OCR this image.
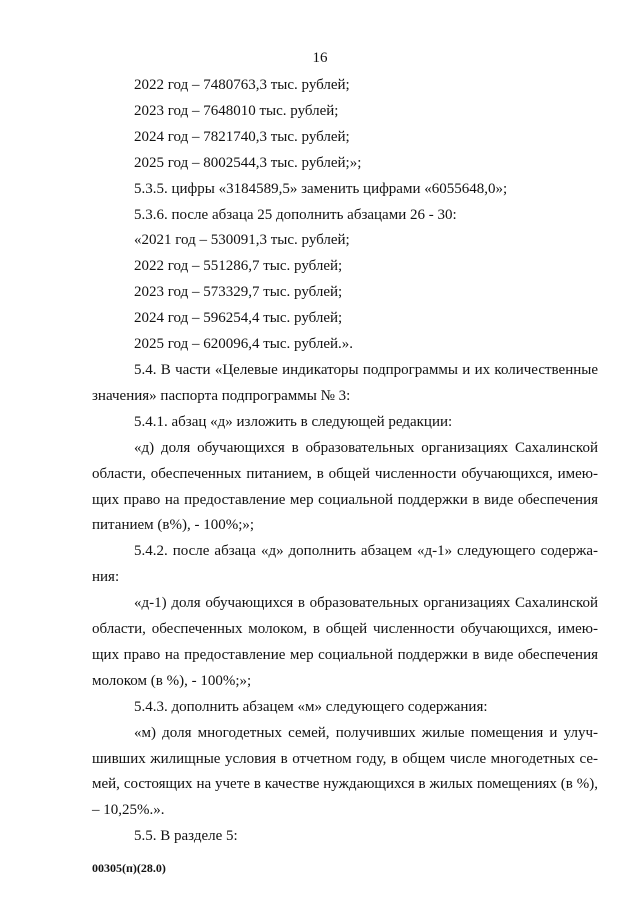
16
2022 год – 7480763,3 тыс. рублей;
2023 год – 7648010 тыс. рублей;
2024 год – 7821740,3 тыс. рублей;
2025 год – 8002544,3 тыс. рублей;»;
5.3.5. цифры «3184589,5» заменить цифрами «6055648,0»;
5.3.6. после абзаца 25 дополнить абзацами 26 - 30:
«2021 год – 530091,3 тыс. рублей;
2022 год – 551286,7 тыс. рублей;
2023 год – 573329,7 тыс. рублей;
2024 год – 596254,4 тыс. рублей;
2025 год – 620096,4 тыс. рублей.».
5.4. В части «Целевые индикаторы подпрограммы и их количественные
значения» паспорта подпрограммы № 3:
5.4.1. абзац «д» изложить в следующей редакции:
«д) доля обучающихся в образовательных организациях Сахалинской
области, обеспеченных питанием, в общей численности обучающихся, имею-
щих право на предоставление мер социальной поддержки в виде обеспечения
питанием (в%), - 100%;»;
5.4.2. после абзаца «д» дополнить абзацем «д-1» следующего содержа-
ния:
«д-1) доля обучающихся в образовательных организациях Сахалинской
области, обеспеченных молоком, в общей численности обучающихся, имею-
щих право на предоставление мер социальной поддержки в виде обеспечения
молоком (в %), - 100%;»;
5.4.3. дополнить абзацем «м» следующего содержания:
«м) доля многодетных семей, получивших жилые помещения и улуч-
шивших жилищные условия в отчетном году, в общем числе многодетных се-
мей, состоящих на учете в качестве нуждающихся в жилых помещениях (в %),
– 10,25%.».
5.5. В разделе 5:
00305(п)(28.0)
